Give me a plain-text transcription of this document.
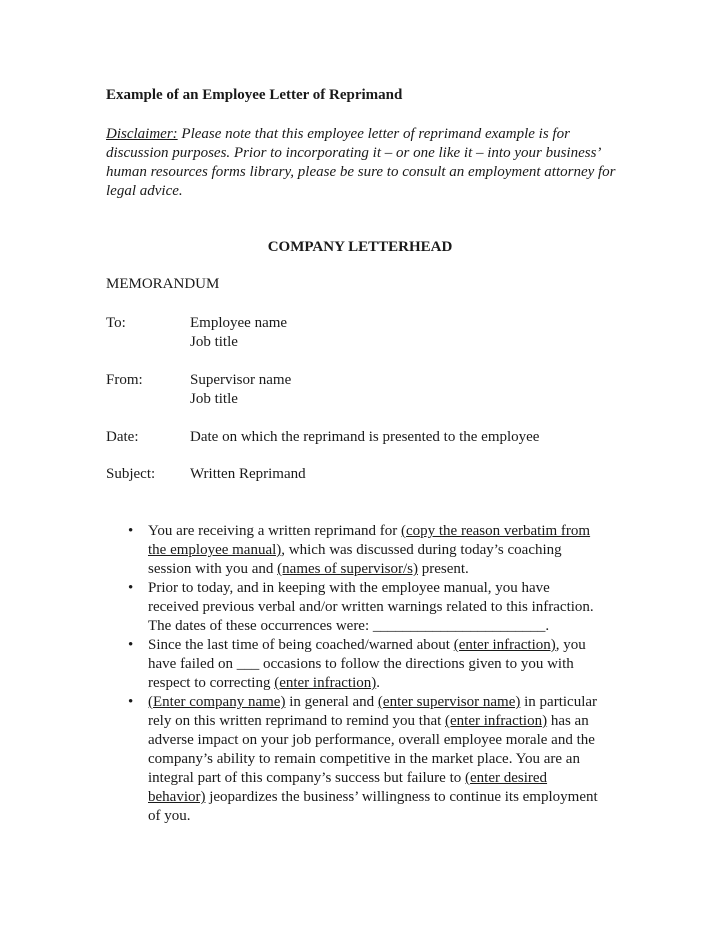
Example of an Employee Letter of Reprimand
Disclaimer: Please note that this employee letter of reprimand example is for discussion purposes. Prior to incorporating it – or one like it – into your business’ human resources forms library, please be sure to consult an employment attorney for legal advice.
COMPANY LETTERHEAD
MEMORANDUM
To:	Employee name
Job title
From:	Supervisor name
Job title
Date:	Date on which the reprimand is presented to the employee
Subject: Written Reprimand
• You are receiving a written reprimand for (copy the reason verbatim from the employee manual), which was discussed during today’s coaching session with you and (names of supervisor/s) present.
• Prior to today, and in keeping with the employee manual, you have received previous verbal and/or written warnings related to this infraction. The dates of these occurrences were: _______________________.
• Since the last time of being coached/warned about (enter infraction), you have failed on ___ occasions to follow the directions given to you with respect to correcting (enter infraction).
• (Enter company name) in general and (enter supervisor name) in particular rely on this written reprimand to remind you that (enter infraction) has an adverse impact on your job performance, overall employee morale and the company’s ability to remain competitive in the market place. You are an integral part of this company’s success but failure to (enter desired behavior) jeopardizes the business’ willingness to continue its employment of you.
